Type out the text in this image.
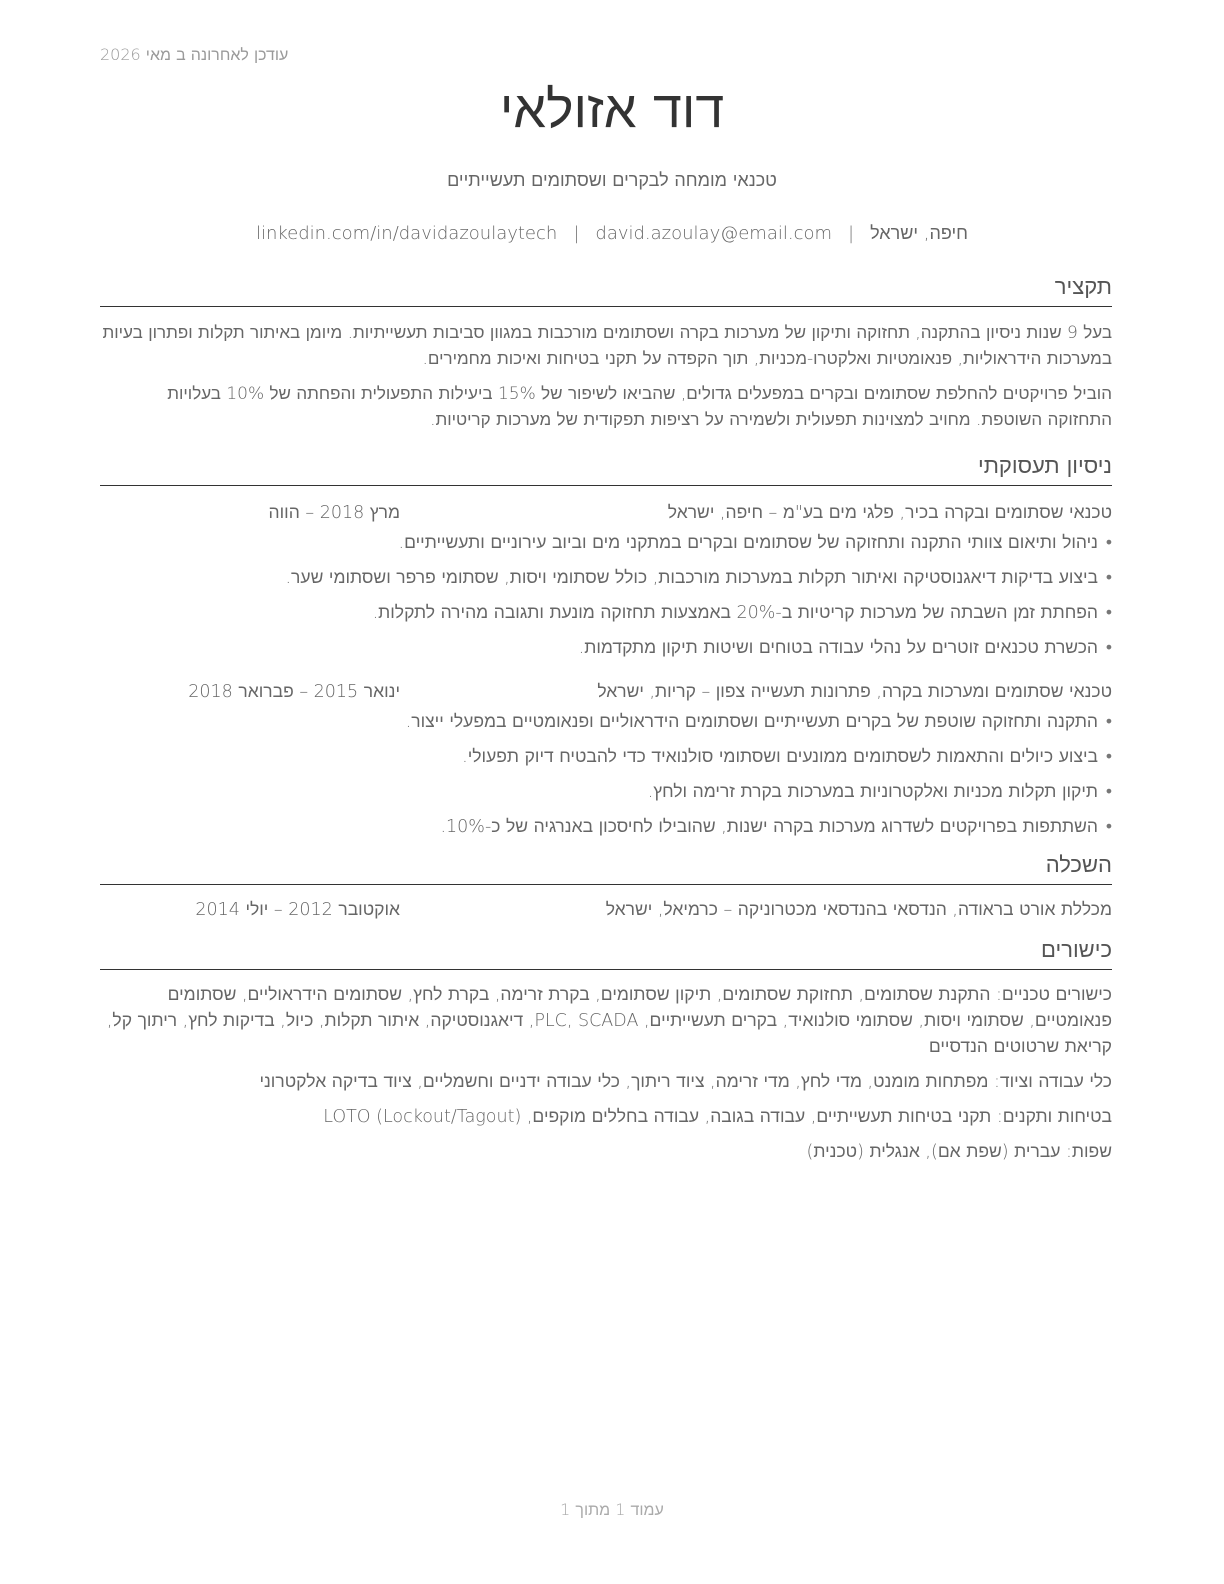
עודכן לאחרונה ב מאי 2026
דוד אזולאי
טכנאי מומחה לבקרים ושסתומים תעשייתיים
linkedin.com/in/davidazoulaytech | david.azoulay@email.com | חיפה, ישראל
תקציר

בעל 9 שנות ניסיון בהתקנה, תחזוקה ותיקון של מערכות בקרה ושסתומים מורכבות במגוון סביבות תעשייתיות. מיומן באיתור תקלות ופתרון בעיות במערכות הידראוליות, פנאומטיות ואלקטרו-מכניות, תוך הקפדה על תקני בטיחות ואיכות מחמירים.

הוביל פרויקטים להחלפת שסתומים ובקרים במפעלים גדולים, שהביאו לשיפור של 15% ביעילות התפעולית והפחתה של 10% בעלויות התחזוקה השוטפת. מחויב למצוינות תפעולית ולשמירה על רציפות תפקודית של מערכות קריטיות.

ניסיון תעסוקתי
טכנאי שסתומים ובקרה בכיר, פלגי מים בע"מ – חיפה, ישראל
מרץ 2018 – הווה
• ניהול ותיאום צוותי התקנה ותחזוקה של שסתומים ובקרים במתקני מים וביוב עירוניים ותעשייתיים.
• ביצוע בדיקות דיאגנוסטיקה ואיתור תקלות במערכות מורכבות, כולל שסתומי ויסות, שסתומי פרפר ושסתומי שער.
• הפחתת זמן השבתה של מערכות קריטיות ב-20% באמצעות תחזוקה מונעת ותגובה מהירה לתקלות.
• הכשרת טכנאים זוטרים על נהלי עבודה בטוחים ושיטות תיקון מתקדמות.
טכנאי שסתומים ומערכות בקרה, פתרונות תעשייה צפון – קריות, ישראל
ינואר 2015 – פברואר 2018
• התקנה ותחזוקה שוטפת של בקרים תעשייתיים ושסתומים הידראוליים ופנאומטיים במפעלי ייצור.
• ביצוע כיולים והתאמות לשסתומים ממונעים ושסתומי סולנואיד כדי להבטיח דיוק תפעולי.
• תיקון תקלות מכניות ואלקטרוניות במערכות בקרת זרימה ולחץ.
• השתתפות בפרויקטים לשדרוג מערכות בקרה ישנות, שהובילו לחיסכון באנרגיה של כ-10%.
השכלה
מכללת אורט בראודה, הנדסאי בהנדסאי מכטרוניקה – כרמיאל, ישראל
אוקטובר 2012 – יולי 2014
כישורים

כישורים טכניים: התקנת שסתומים, תחזוקת שסתומים, תיקון שסתומים, בקרת זרימה, בקרת לחץ, שסתומים הידראוליים, שסתומים פנאומטיים, שסתומי ויסות, שסתומי סולנואיד, בקרים תעשייתיים, PLC, SCADA, דיאגנוסטיקה, איתור תקלות, כיול, בדיקות לחץ, ריתוך קל, קריאת שרטוטים הנדסיים

כלי עבודה וציוד: מפתחות מומנט, מדי לחץ, מדי זרימה, ציוד ריתוך, כלי עבודה ידניים וחשמליים, ציוד בדיקה אלקטרוני

בטיחות ותקנים: תקני בטיחות תעשייתיים, עבודה בגובה, עבודה בחללים מוקפים, LOTO (Lockout/Tagout)

שפות: עברית (שפת אם), אנגלית (טכנית)

עמוד 1 מתוך 1
